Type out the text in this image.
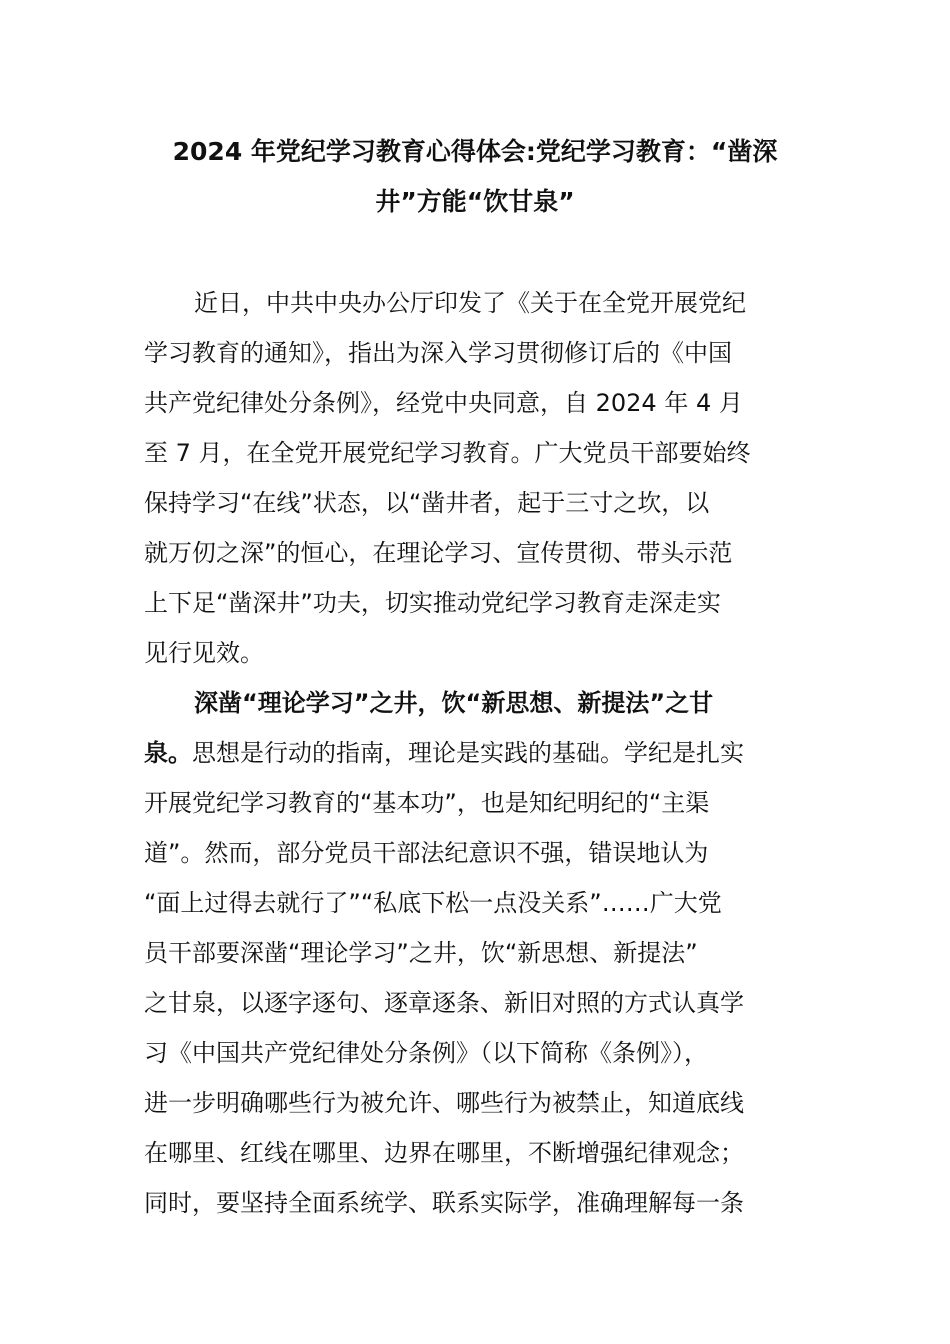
2024 年党纪学习教育心得体会:党纪学习教育：“凿深
井”方能“饮甘泉”
近日，中共中央办公厅印发了《关于在全党开展党纪
学习教育的通知》，指出为深入学习贯彻修订后的《中国
共产党纪律处分条例》，经党中央同意，自 2024 年 4 月
至 7 月，在全党开展党纪学习教育。广大党员干部要始终
保持学习“在线”状态，以“凿井者，起于三寸之坎，以
就万仞之深”的恒心，在理论学习、宣传贯彻、带头示范
上下足“凿深井”功夫，切实推动党纪学习教育走深走实
见行见效。
深凿“理论学习”之井，饮“新思想、新提法”之甘
泉。思想是行动的指南，理论是实践的基础。学纪是扎实
开展党纪学习教育的“基本功”，也是知纪明纪的“主渠
道”。然而，部分党员干部法纪意识不强，错误地认为
“面上过得去就行了”“私底下松一点没关系”……广大党
员干部要深凿“理论学习”之井，饮“新思想、新提法”
之甘泉，以逐字逐句、逐章逐条、新旧对照的方式认真学
习《中国共产党纪律处分条例》（以下简称《条例》），
进一步明确哪些行为被允许、哪些行为被禁止，知道底线
在哪里、红线在哪里、边界在哪里，不断增强纪律观念；
同时，要坚持全面系统学、联系实际学，准确理解每一条
